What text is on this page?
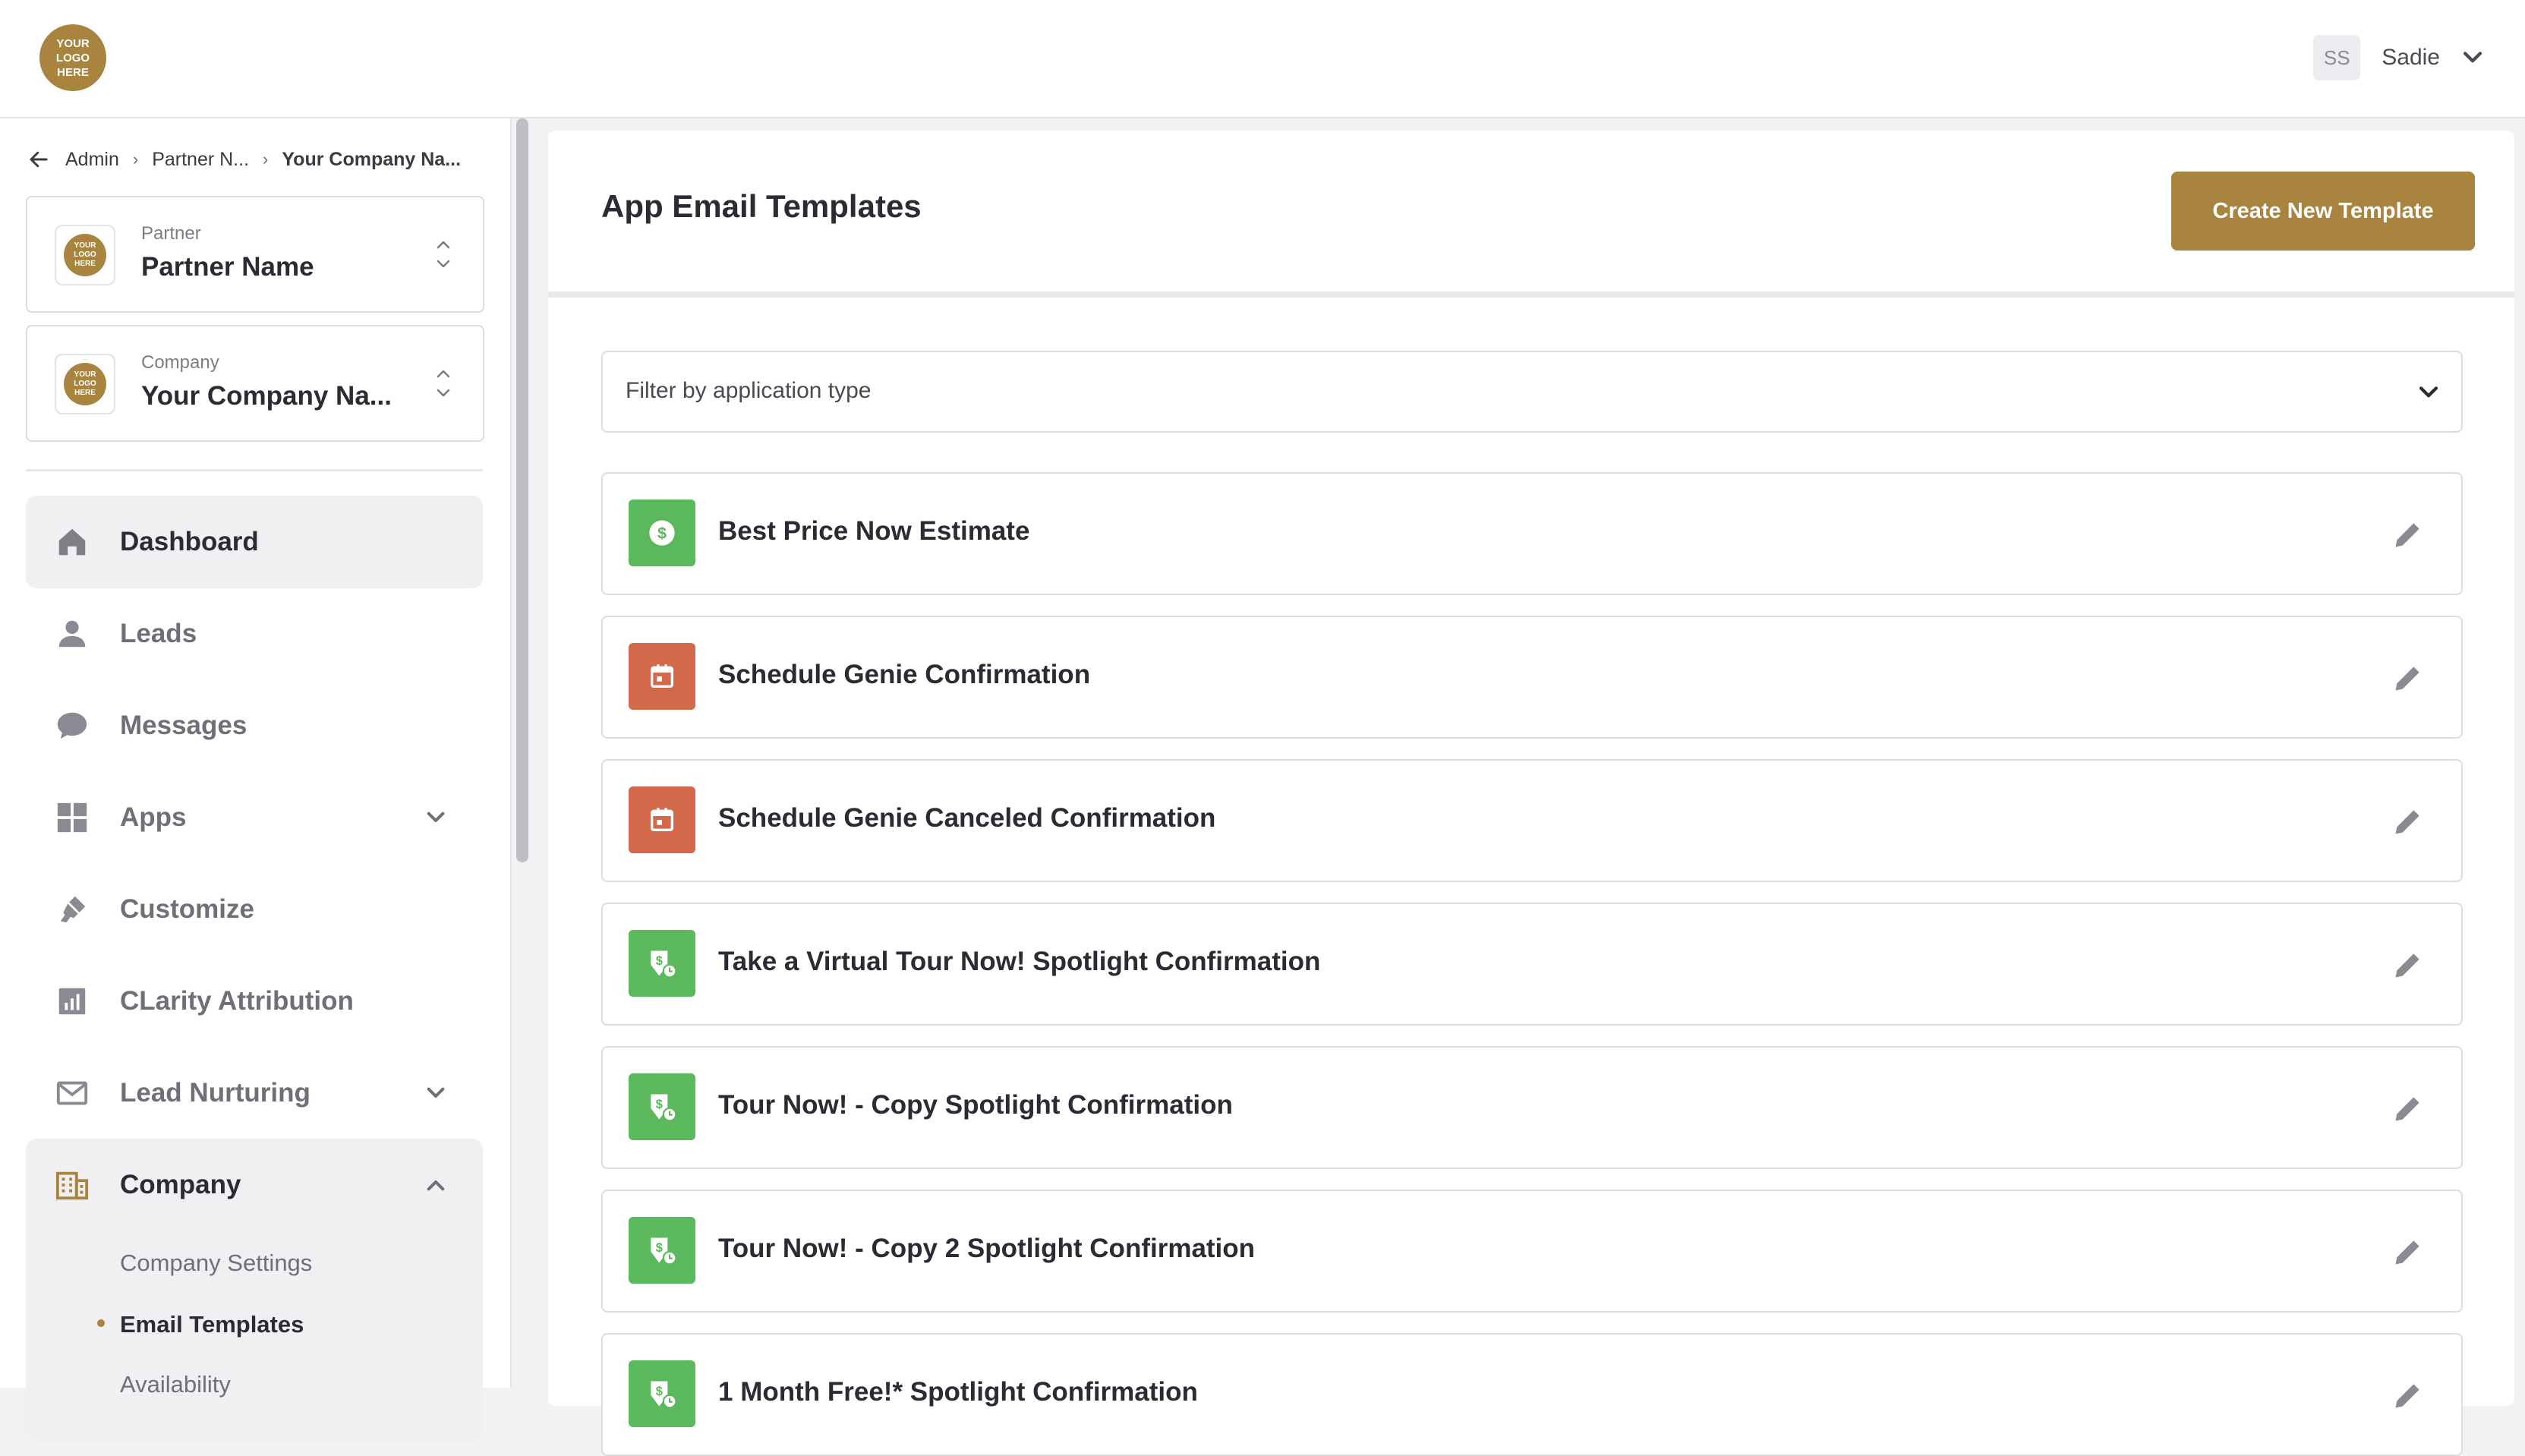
YOUR LOGO HERE
SS	Sadie
Admin › Partner N... › Your Company Na...
YOUR
LOGO
HERE
Partner
Partner Name
YOUR
LOGO
HERE
Company
Your Company Na...
Dashboard
Leads
Messages
Apps
Customize
CLarity Attribution
Lead Nurturing
Company
Company Settings
Email Templates
Availability
App Email Templates	Create New Template
Filter by application type
$ Best Price Now Estimate
Schedule Genie Confirmation
Schedule Genie Canceled Confirmation
$ Take a Virtual Tour Now! Spotlight Confirmation
$ Tour Now! - Copy Spotlight Confirmation
$ Tour Now! - Copy 2 Spotlight Confirmation
$ 1 Month Free!* Spotlight Confirmation
